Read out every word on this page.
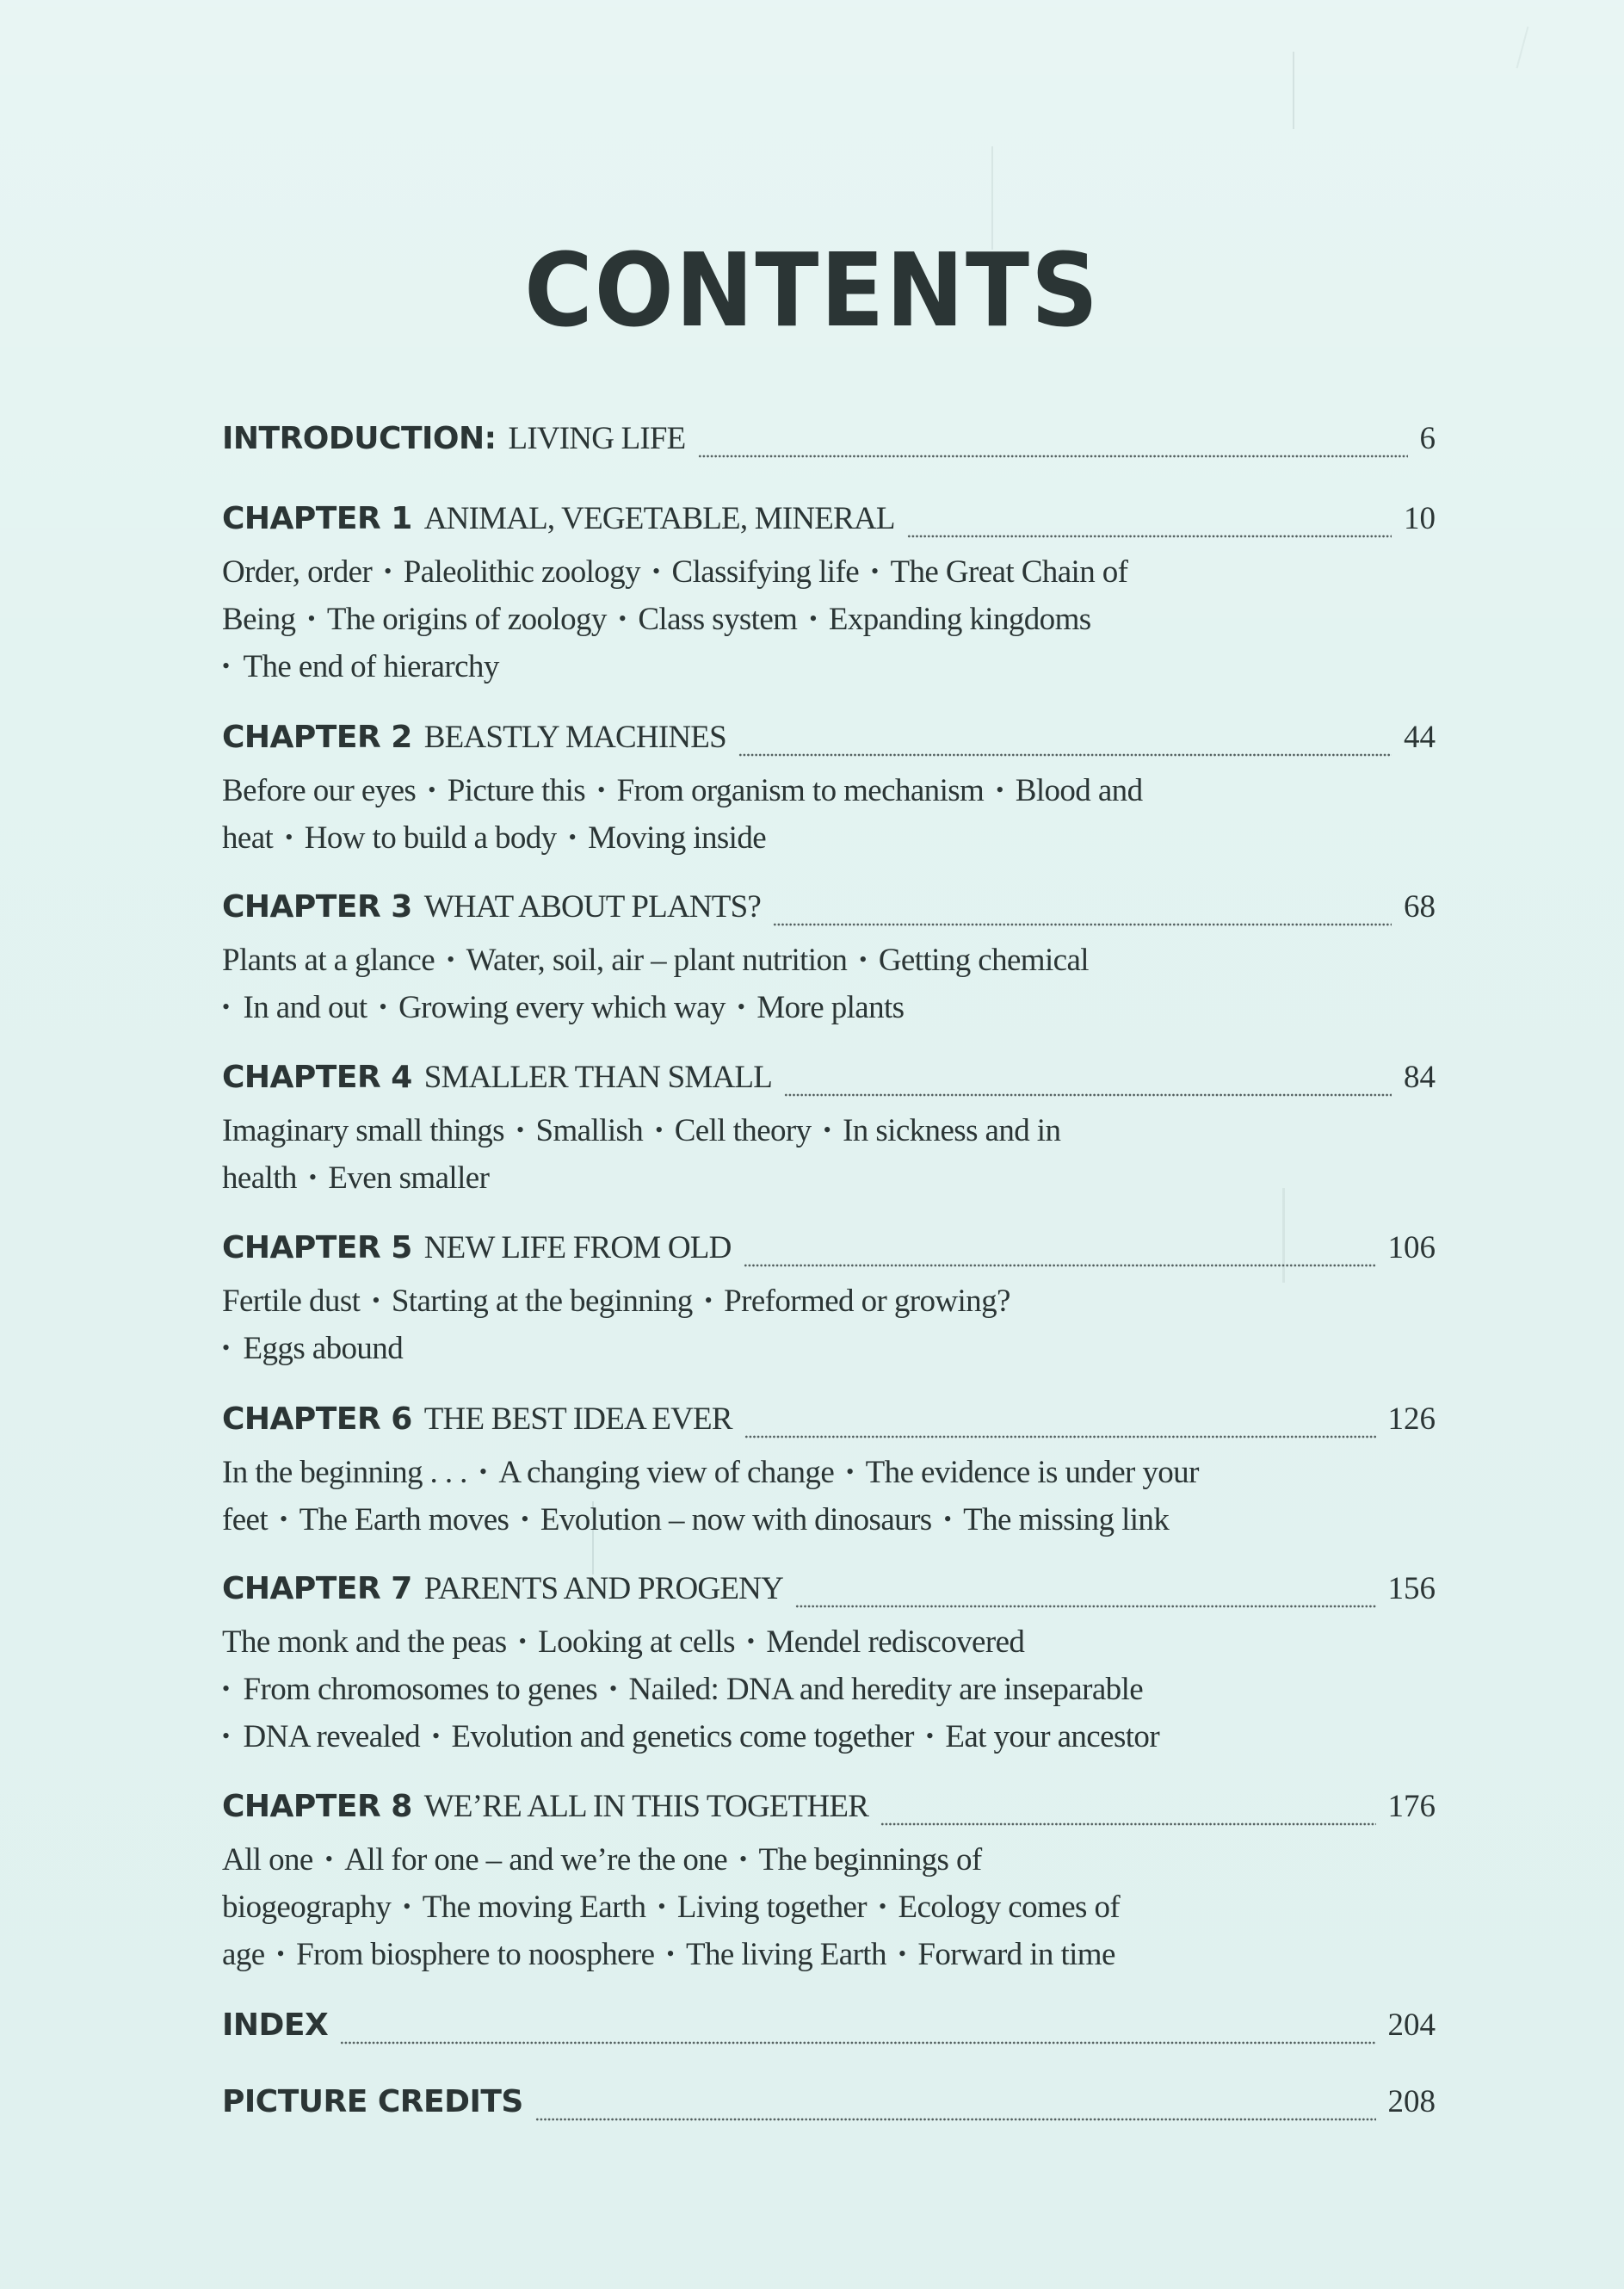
CONTENTS
INTRODUCTION: LIVING LIFE	6
CHAPTER 1 ANIMAL, VEGETABLE, MINERAL	10
Order, order • Paleolithic zoology • Classifying life • The Great Chain of
Being • The origins of zoology • Class system • Expanding kingdoms
• The end of hierarchy
CHAPTER 2 BEASTLY MACHINES	44
Before our eyes • Picture this • From organism to mechanism • Blood and
heat • How to build a body • Moving inside
CHAPTER 3 WHAT ABOUT PLANTS?	68
Plants at a glance • Water, soil, air – plant nutrition • Getting chemical
• In and out • Growing every which way • More plants
CHAPTER 4 SMALLER THAN SMALL	84
Imaginary small things • Smallish • Cell theory • In sickness and in
health • Even smaller
CHAPTER 5 NEW LIFE FROM OLD	106
Fertile dust • Starting at the beginning • Preformed or growing?
• Eggs abound
CHAPTER 6 THE BEST IDEA EVER	126
In the beginning . . . • A changing view of change • The evidence is under your
feet • The Earth moves • Evolution – now with dinosaurs • The missing link
CHAPTER 7 PARENTS AND PROGENY	156
The monk and the peas • Looking at cells • Mendel rediscovered
• From chromosomes to genes • Nailed: DNA and heredity are inseparable
• DNA revealed • Evolution and genetics come together • Eat your ancestor
CHAPTER 8 WE’RE ALL IN THIS TOGETHER	176
All one • All for one – and we’re the one • The beginnings of
biogeography • The moving Earth • Living together • Ecology comes of
age • From biosphere to noosphere • The living Earth • Forward in time
INDEX	204
PICTURE CREDITS	208
